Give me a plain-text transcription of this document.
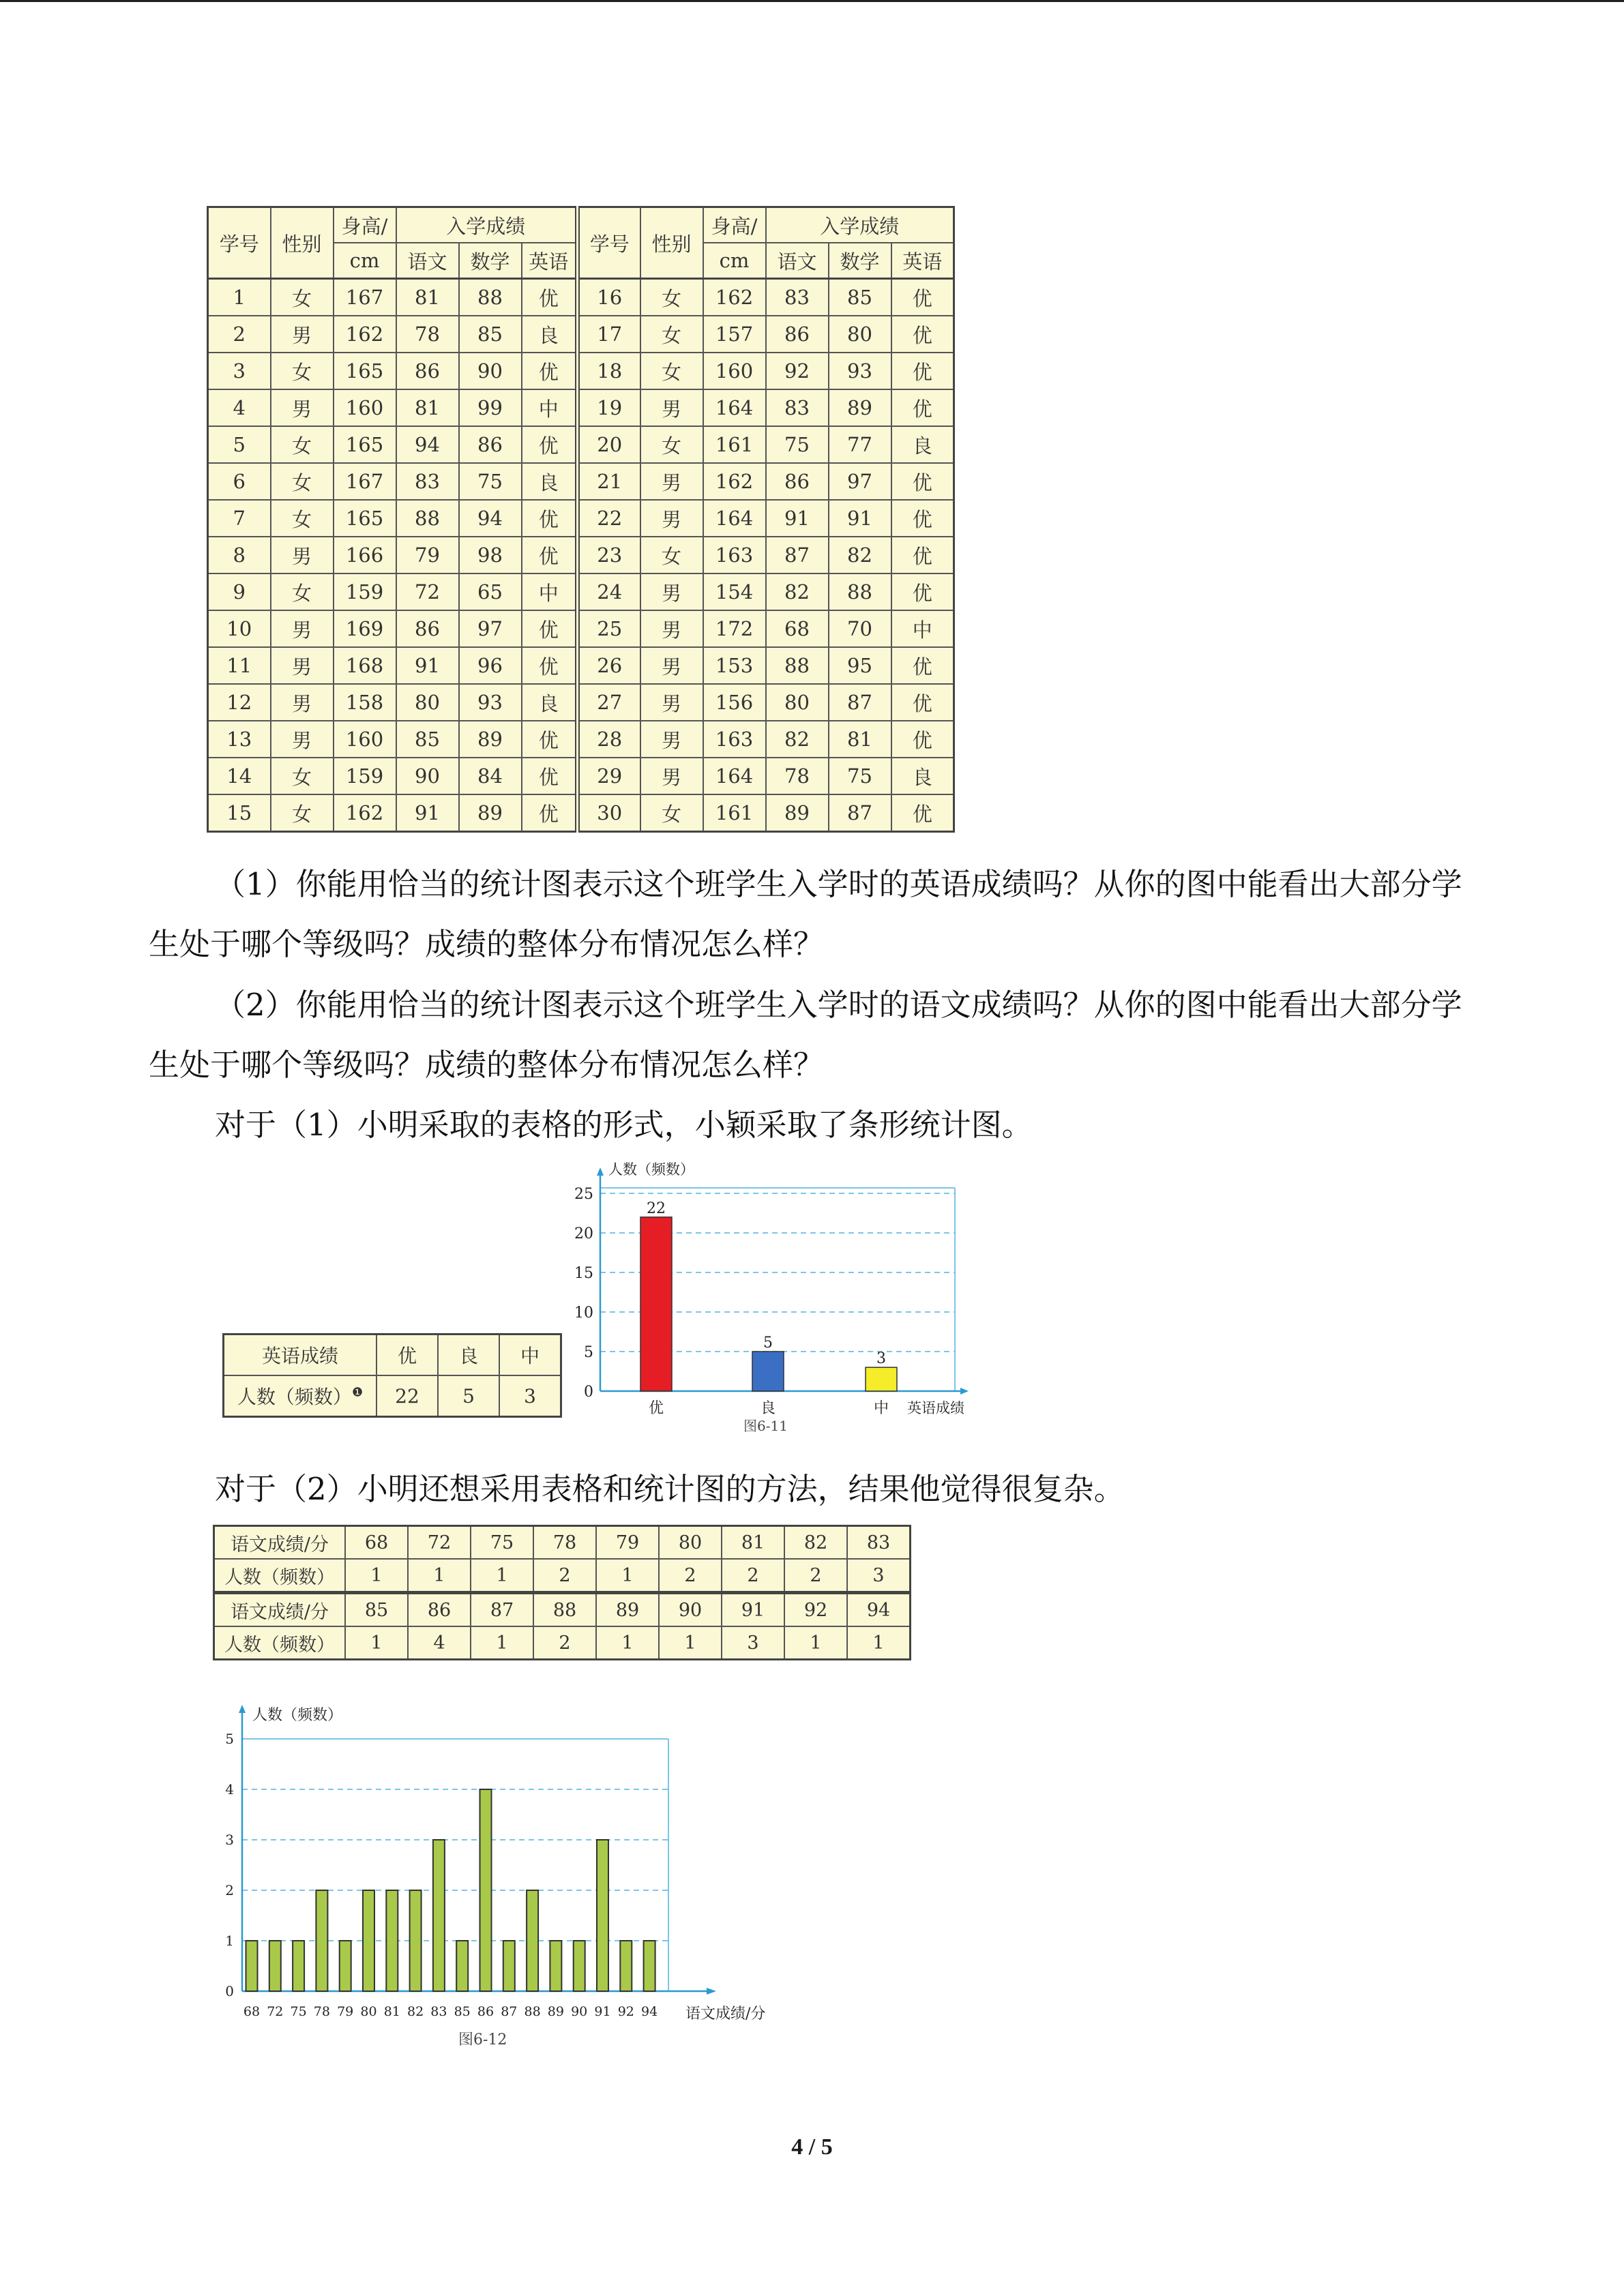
学号	性别	身高/	入学成绩			学号	性别	身高/	入学成绩		
		cm	语文	数学	英语			cm	语文	数学	英语
1	女	167	81	88	优	16	女	162	83	85	优
2	男	162	78	85	良	17	女	157	86	80	优
3	女	165	86	90	优	18	女	160	92	93	优
4	男	160	81	99	中	19	男	164	83	89	优
5	女	165	94	86	优	20	女	161	75	77	良
6	女	167	83	75	良	21	男	162	86	97	优
7	女	165	88	94	优	22	男	164	91	91	优
8	男	166	79	98	优	23	女	163	87	82	优
9	女	159	72	65	中	24	男	154	82	88	优
10	男	169	86	97	优	25	男	172	68	70	中
11	男	168	91	96	优	26	男	153	88	95	优
12	男	158	80	93	良	27	男	156	80	87	优
13	男	160	85	89	优	28	男	163	82	81	优
14	女	159	90	84	优	29	男	164	78	75	良
15	女	162	91	89	优	30	女	161	89	87	优

（1）你能用恰当的统计图表示这个班学生入学时的英语成绩吗？从你的图中能看出大部分学生处于哪个等级吗？成绩的整体分布情况怎么样？

（2）你能用恰当的统计图表示这个班学生入学时的语文成绩吗？从你的图中能看出大部分学生处于哪个等级吗？成绩的整体分布情况怎么样？

对于（1）小明采取的表格的形式，小颖采取了条形统计图。

英语成绩	优	良	中
人数（频数）$^❶$	22	5	3
人数（频数）
英语成绩
图6-11
0
5
10
15
20
25
优	良	中
22
5
3

对于（2）小明还想采用表格和统计图的方法，结果他觉得很复杂。

语文成绩/分	68	72	75	78	79	80	81	82	83
人数（频数）	1	1	1	2	1	2	2	2	3
语文成绩/分	85	86	87	88	89	90	91	92	94
人数（频数）	1	4	1	2	1	1	3	1	1
人数（频数）
语文成绩/分
图6-12
0
1
2
3
4
5
68 72 75 78 79 80 81 82 83 85 86 87 88 89 90 91 92 94
4 / 5
